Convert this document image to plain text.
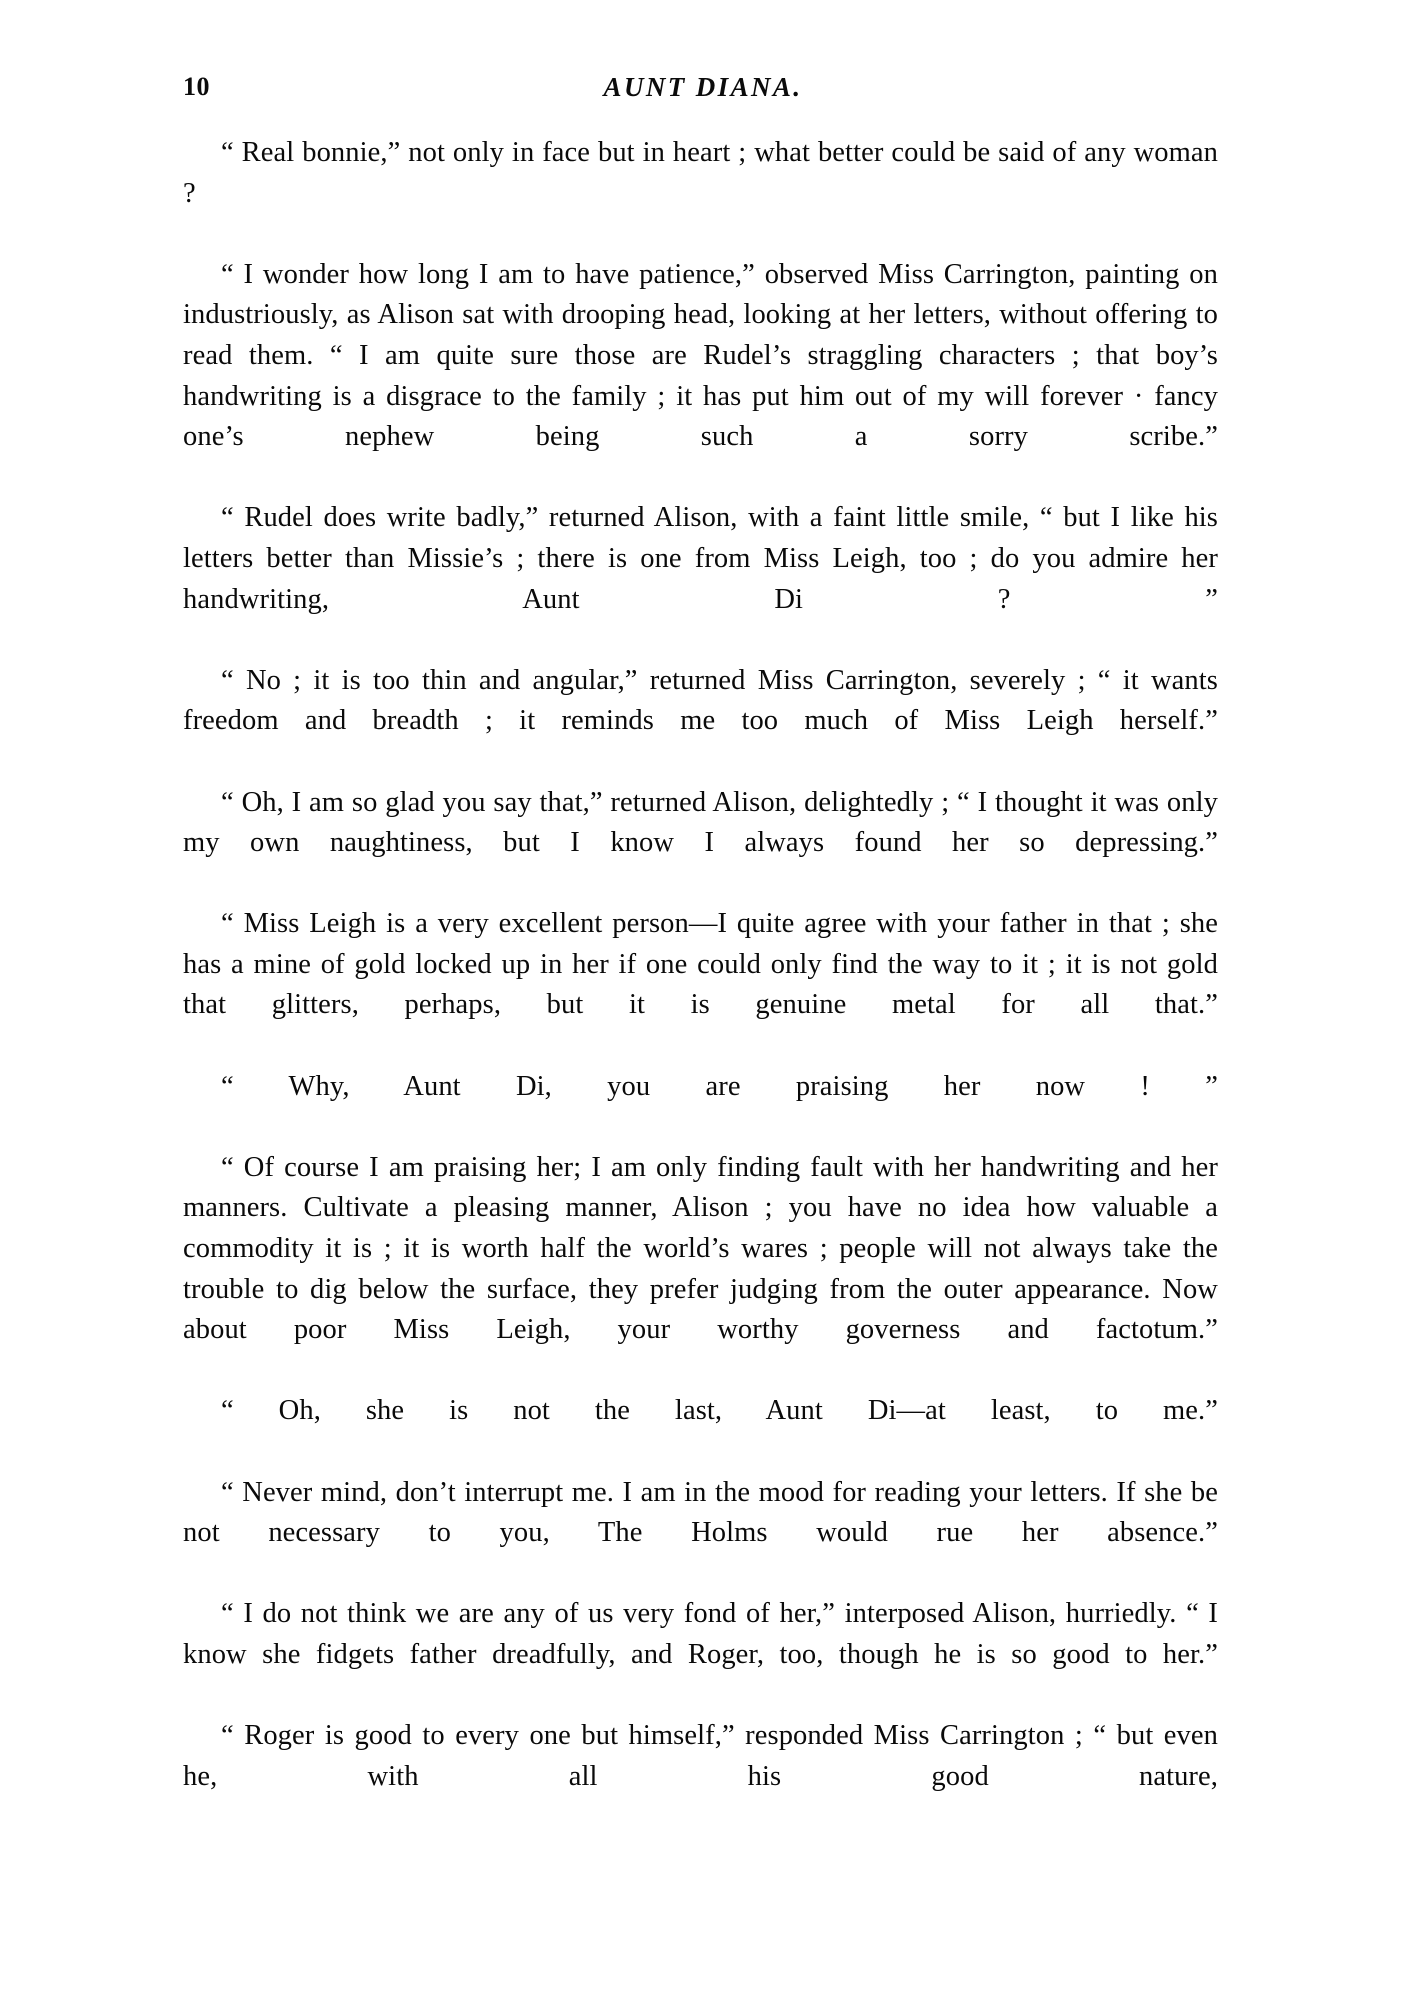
10	AUNT DIANA.

“ Real bonnie,” not only in face but in heart ; what better could be said of any woman ?

“ I wonder how long I am to have patience,” observed Miss Carrington, painting on industriously, as Alison sat with drooping head, looking at her letters, without offering to read them. “ I am quite sure those are Rudel’s straggling characters ; that boy’s handwriting is a disgrace to the family ; it has put him out of my will forever · fancy one’s nephew being such a sorry scribe.”

“ Rudel does write badly,” returned Alison, with a faint little smile, “ but I like his letters better than Missie’s ; there is one from Miss Leigh, too ; do you admire her handwriting, Aunt Di ? ”

“ No ; it is too thin and angular,” returned Miss Carrington, severely ; “ it wants freedom and breadth ; it reminds me too much of Miss Leigh herself.”

“ Oh, I am so glad you say that,” returned Alison, delightedly ; “ I thought it was only my own naughtiness, but I know I always found her so depressing.”

“ Miss Leigh is a very excellent person—I quite agree with your father in that ; she has a mine of gold locked up in her if one could only find the way to it ; it is not gold that glitters, perhaps, but it is genuine metal for all that.”

“ Why, Aunt Di, you are praising her now ! ”

“ Of course I am praising her; I am only finding fault with her handwriting and her manners. Cultivate a pleasing manner, Alison ; you have no idea how valuable a commodity it is ; it is worth half the world’s wares ; people will not always take the trouble to dig below the surface, they prefer judging from the outer appearance. Now about poor Miss Leigh, your worthy governess and factotum.”

“ Oh, she is not the last, Aunt Di—at least, to me.”

“ Never mind, don’t interrupt me. I am in the mood for reading your letters. If she be not necessary to you, The Holms would rue her absence.”

“ I do not think we are any of us very fond of her,” interposed Alison, hurriedly. “ I know she fidgets father dreadfully, and Roger, too, though he is so good to her.”

“ Roger is good to every one but himself,” responded Miss Carrington ; “ but even he, with all his good nature,
